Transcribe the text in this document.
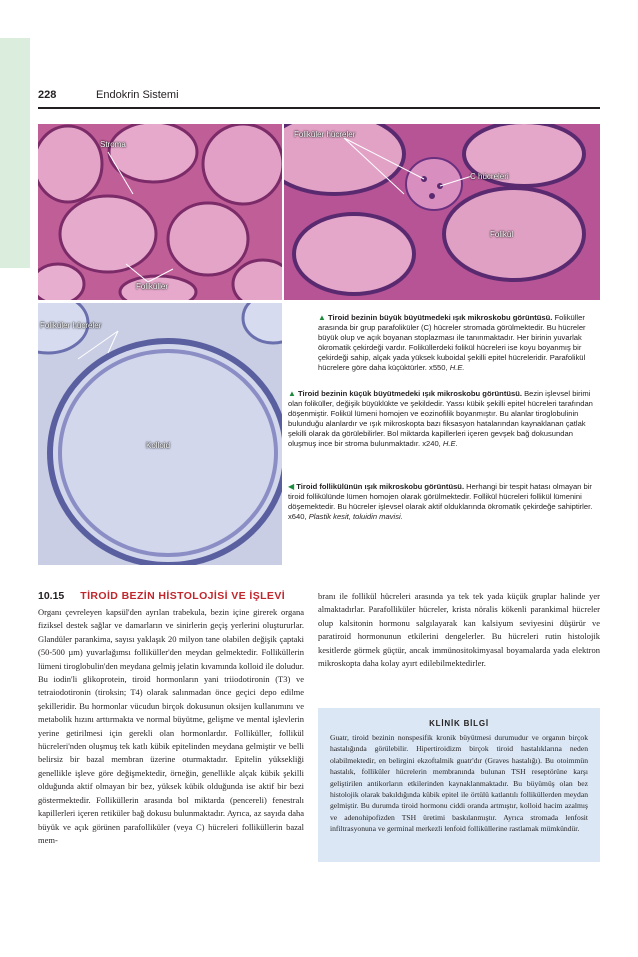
228	Endokrin Sistemi
Stroma
Foliküller
Foliküler hücreler
C hücreleri
Folikül
Foliküler hücreler
Kolloid
▲ Tiroid bezinin büyük büyütmedeki ışık mikroskobu görüntüsü. Foliküller arasında bir grup parafoliküler (C) hücreler stromada görülmektedir. Bu hücreler büyük olup ve açık boyanan stoplazması ile tanınmaktadır. Her birinin yuvarlak ökromatik çekirdeği vardır. Foliküllerdeki folikül hücreleri ise koyu boyanmış bir çekirdeği sahip, alçak yada yüksek kuboidal şekilli epitel hücreleridir. Parafolikül hücrelere göre daha küçüktürler. x550, H.E.
▲ Tiroid bezinin küçük büyütmedeki ışık mikroskobu görüntüsü. Bezin işlevsel birimi olan foliküller, değişik büyüklükte ve şekildedir. Yassı kübik şekilli epitel hücreleri tarafından döşenmiştir. Folikül lümeni homojen ve eozinofilik boyanmıştır. Bu alanlar tiroglobulinin bulunduğu alanlardır ve ışık mikroskopta bazı fiksasyon hatalarından kaynaklanan çatlak şekilli olarak da görülebilirler. Bol miktarda kapillerleri içeren gevşek bağ dokusundan oluşmuş ince bir stroma bulunmaktadır. x240, H.E.
◀ Tiroid follikülünün ışık mikroskobu görüntüsü. Herhangi bir tespit hatası olmayan bir tiroid follikülünde lümen homojen olarak görülmektedir. Follikül hücreleri follikül lümenini döşemektedir. Bu hücreler işlevsel olarak aktif olduklarında ökromatik çekirdeğe sahiptirler. x640, Plastik kesit, toluidin mavisi.
10.15 TİROİD BEZİN HİSTOLOJİSİ VE İŞLEVİ

Organı çevreleyen kapsül'den ayrılan trabekula, bezin içine girerek organa fiziksel destek sağlar ve damarların ve sinirlerin geçiş yerlerini oluştururlar. Glandüler parankima, sayısı yaklaşık 20 milyon tane olabilen değişik çaptaki (50-500 µm) yuvarlağımsı folliküller'den meydan gelmektedir. Folliküllerin lümeni tiroglobulin'den meydana gelmiş jelatin kıvamında kolloid ile doludur. Bu iodin'li glikoprotein, tiroid hormonların yani triiodotironin (T3) ve tetraiodotironin (tiroksin; T4) olarak salınmadan önce geçici depo edilme şekilleridir. Bu hormonlar vücudun birçok dokusunun oksijen kullanımını ve metabolik hızını arttırmakta ve normal büyütme, gelişme ve mental işlevlerin yerine getirilmesi için gerekli olan hormonlardır. Folliküller, follikül hücreleri'nden oluşmuş tek katlı kübik epitelinden meydana gelmiştir ve belli belirsiz bir bazal membran üzerine oturmaktadır. Epitelin yüksekliği genellikle işleve göre değişmektedir, örneğin, genellikle alçak kübik şekilli olduğunda aktif olmayan bir bez, yüksek kübik olduğunda ise aktif bir bezi göstermektedir. Folliküllerin arasında bol miktarda (pencereli) fenestralı kapillerleri içeren retiküler bağ dokusu bulunmaktadır. Ayrıca, az sayıda daha büyük ve açık görünen parafolliküler (veya C) hücreleri folliküllerin bazal mem-

branı ile follikül hücreleri arasında ya tek tek yada küçük gruplar halinde yer almaktadırlar. Parafolliküler hücreler, krista nöralis kökenli parankimal hücreler olup kalsitonin hormonu salgılayarak kan kalsiyum seviyesini düşürür ve paratiroid hormonunun etkilerini dengelerler. Bu hücreleri rutin histolojik kesitlerde görmek güçtür, ancak immünositokimyasal boyamalarda yada elektron mikroskopta daha kolay ayırt edilebilmektedirler.

KLİNİK BİLGİ
Guatr, tiroid bezinin nonspesifik kronik büyütmesi durumudur ve organın birçok hastalığında görülebilir. Hipertiroidizm birçok tiroid hastalıklarına neden olabilmektedir, en belirgini ekzoftalmik guatr'dır (Graves hastalığı). Bu otoimmün hastalık, folliküler hücrelerin membranında bulunan TSH reseptörüne karşı geliştirilen antikorların etkilerinden kaynaklanmaktadır. Bu büyümüş olan bez histolojik olarak bakıldığında kübik epitel ile örtülü katlantılı folliküllerden meydan gelmiştir. Bu durumda tiroid hormonu ciddi oranda artmıştır, kolloid hacim azalmış ve adenohipofizden TSH üretimi baskılanmıştır. Ayrıca stromada lenfosit infiltrasyonuna ve germinal merkezli lenfoid folliküllerine rastlamak mümkündür.
